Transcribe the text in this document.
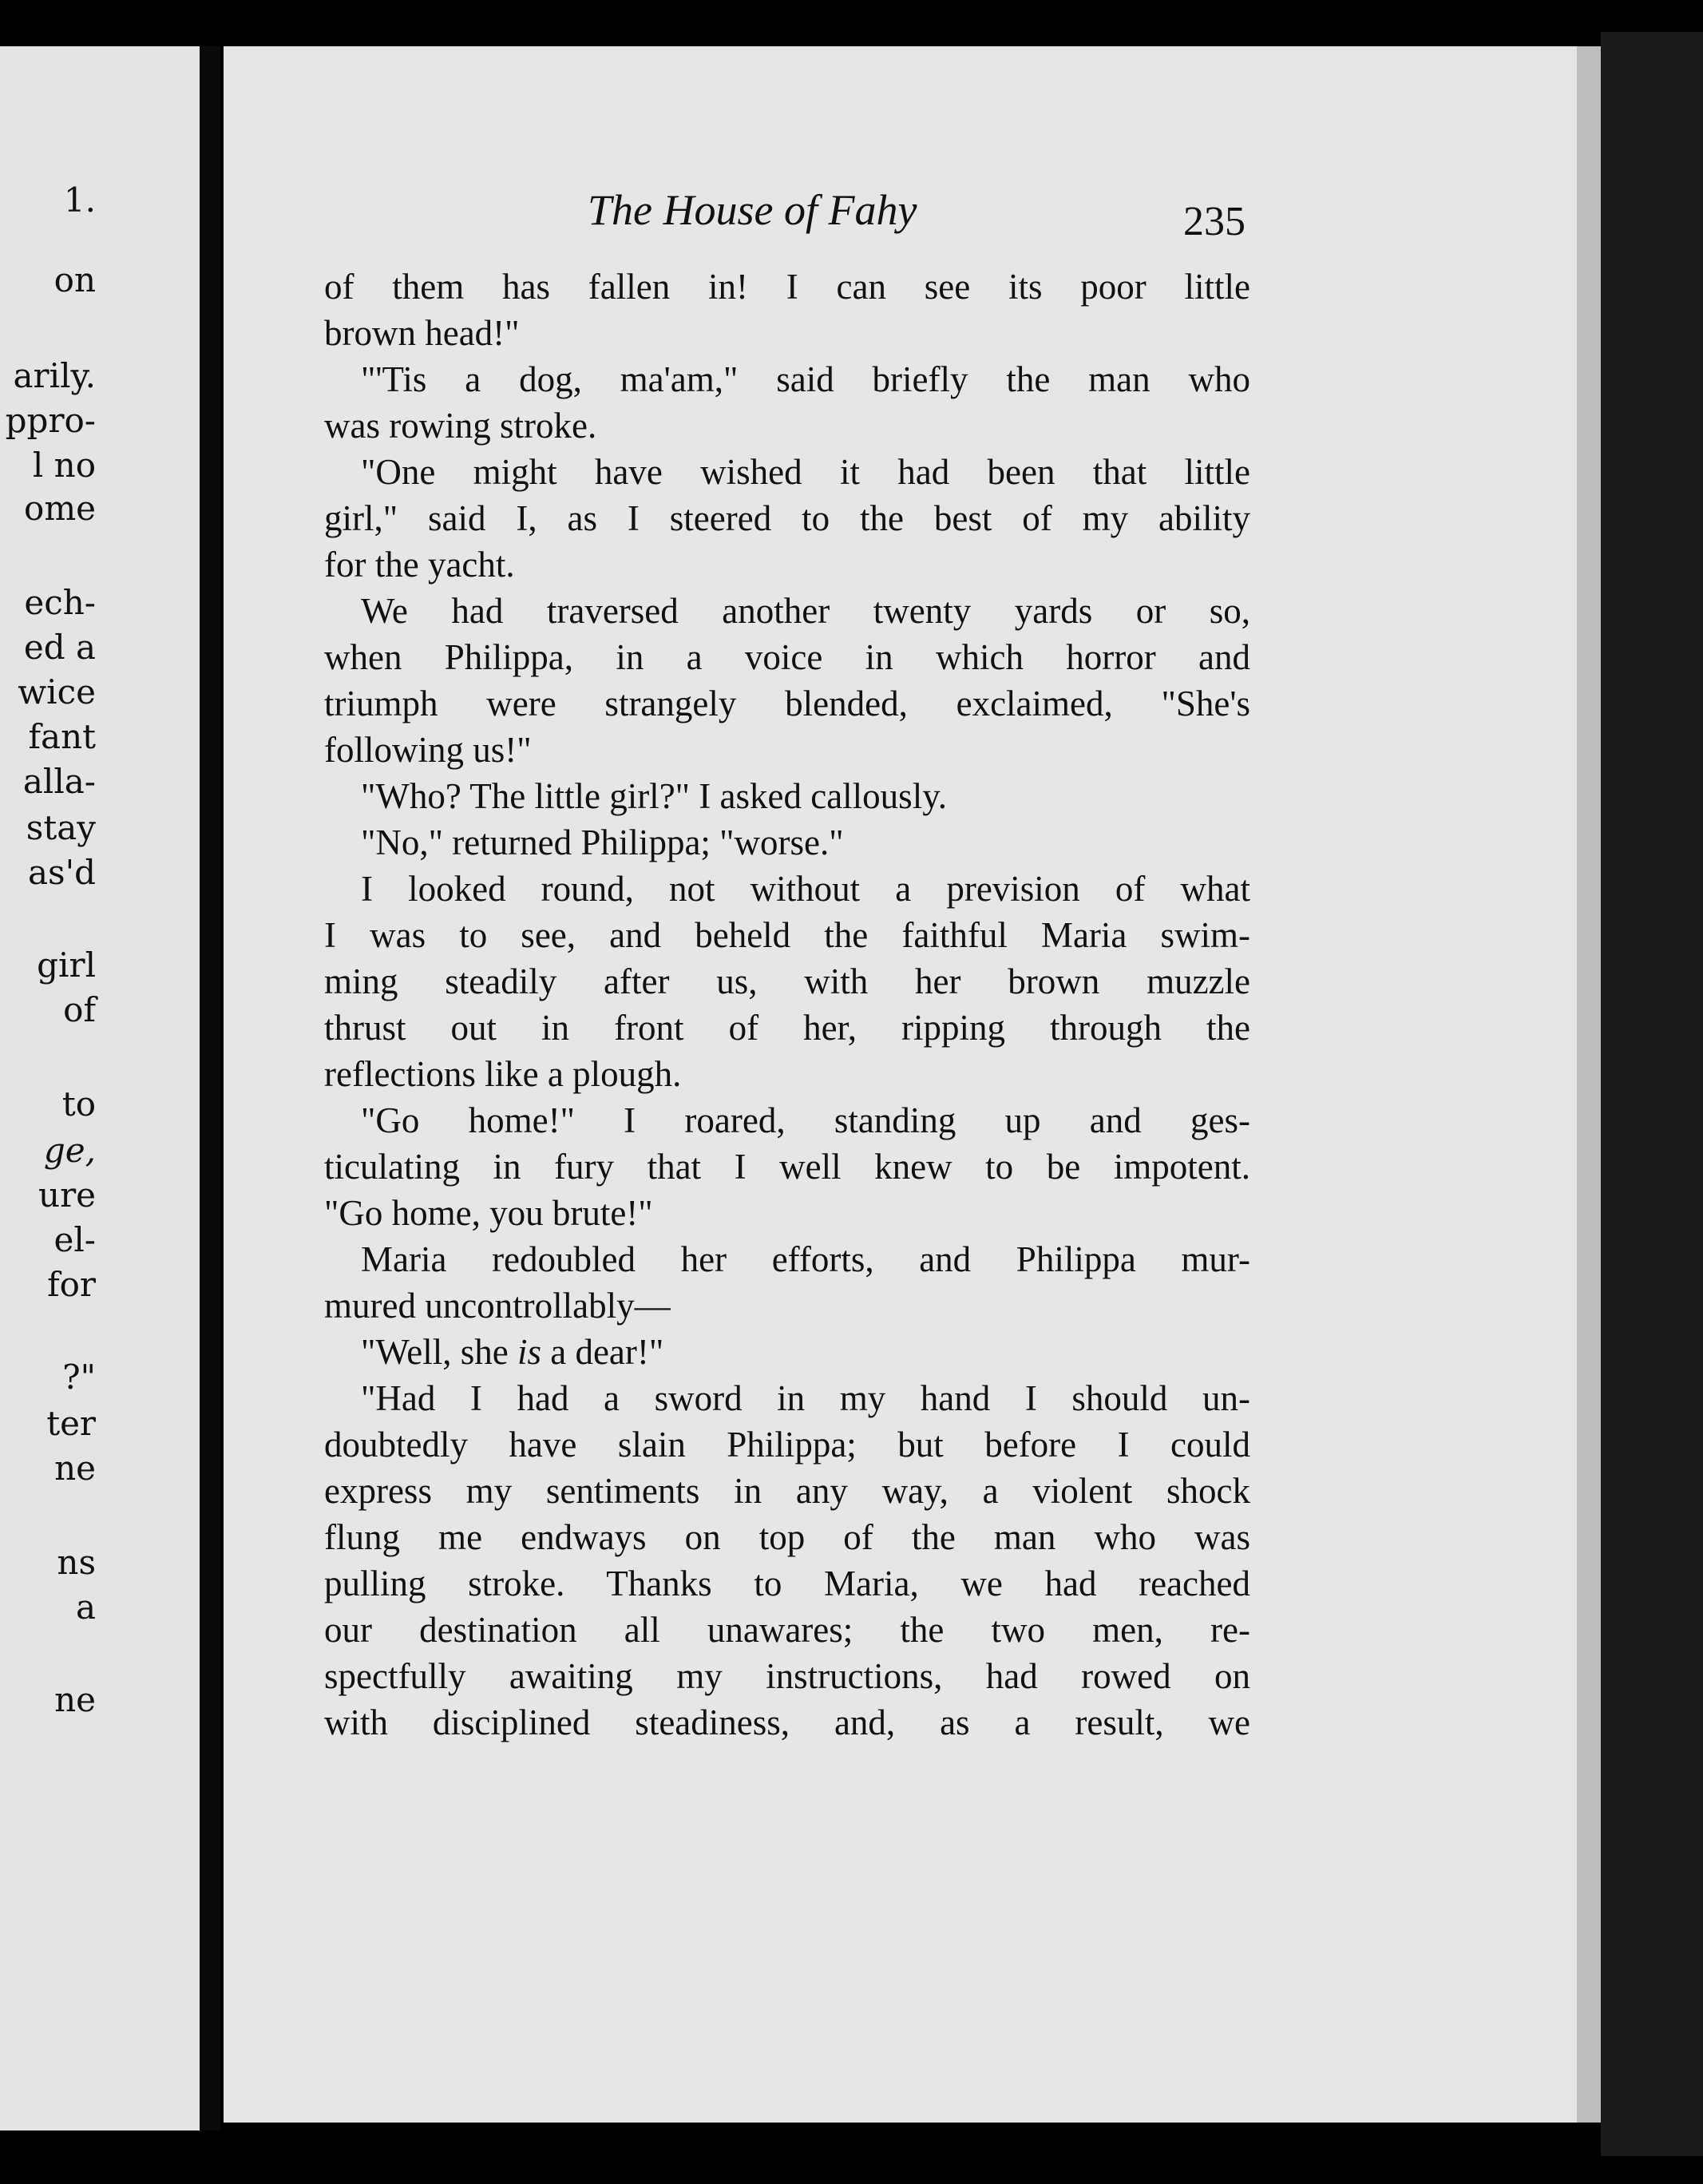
1.
on
arily.
ppro-
l no
ome
ech-
ed a
wice
fant
alla-
stay
as'd
girl
of
to
ge,
ure
el-
for
?"
ter
ne
ns
a
ne
The House of Fahy	235
of them has fallen in! I can see its poor little
brown head!"
"'Tis a dog, ma'am," said briefly the man who
was rowing stroke.
"One might have wished it had been that little
girl," said I, as I steered to the best of my ability
for the yacht.
We had traversed another twenty yards or so,
when Philippa, in a voice in which horror and
triumph were strangely blended, exclaimed, "She's
following us!"
"Who? The little girl?" I asked callously.
"No," returned Philippa; "worse."
I looked round, not without a prevision of what
I was to see, and beheld the faithful Maria swim-
ming steadily after us, with her brown muzzle
thrust out in front of her, ripping through the
reflections like a plough.
"Go home!" I roared, standing up and ges-
ticulating in fury that I well knew to be impotent.
"Go home, you brute!"
Maria redoubled her efforts, and Philippa mur-
mured uncontrollably—
"Well, she is a dear!"
"Had I had a sword in my hand I should un-
doubtedly have slain Philippa; but before I could
express my sentiments in any way, a violent shock
flung me endways on top of the man who was
pulling stroke. Thanks to Maria, we had reached
our destination all unawares; the two men, re-
spectfully awaiting my instructions, had rowed on
with disciplined steadiness, and, as a result, we
